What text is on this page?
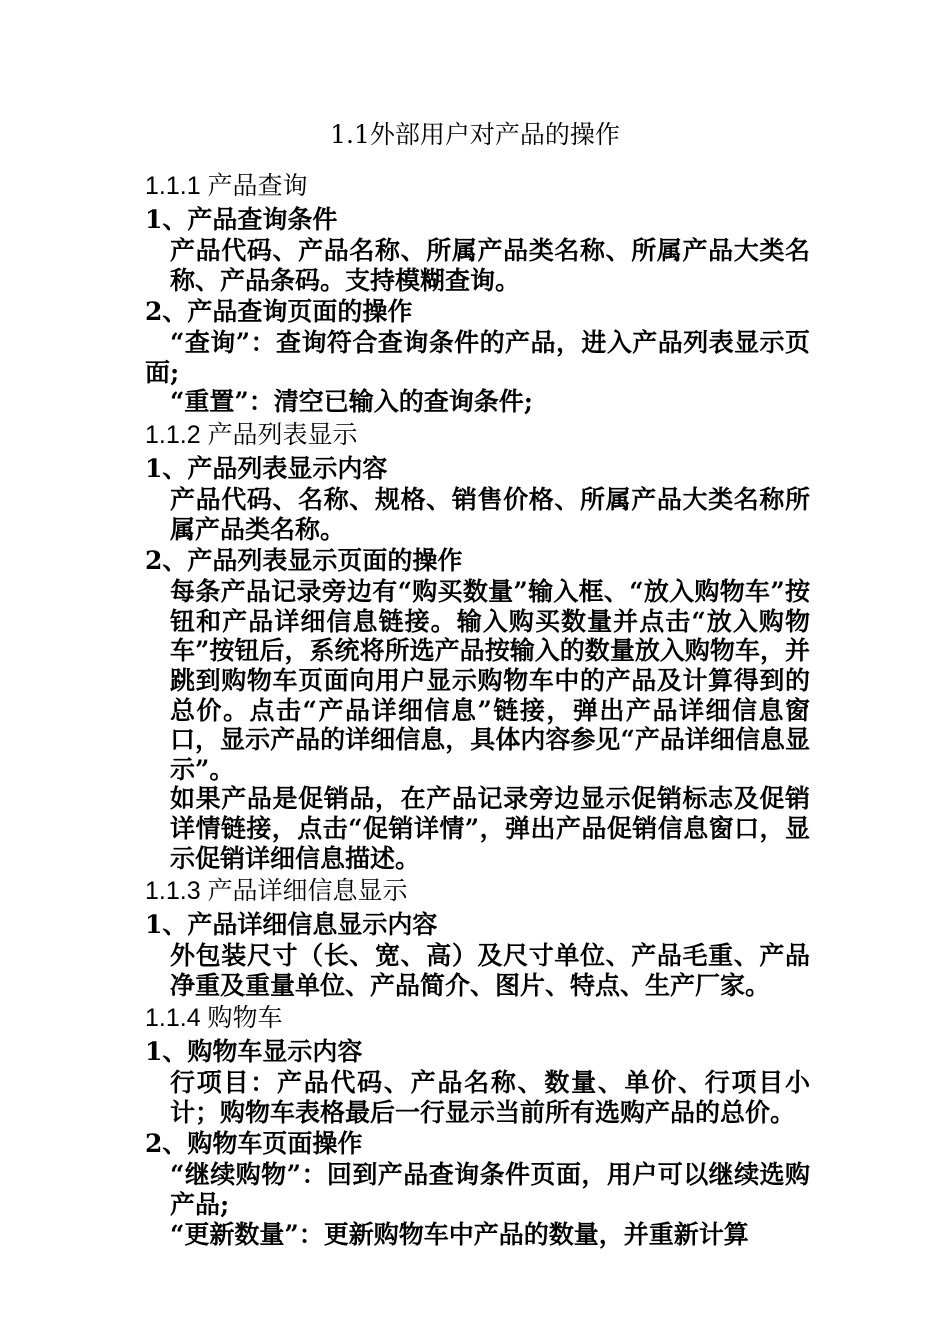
1.1外部用户对产品的操作

1.1.1 产品查询

1、产品查询条件

产品代码、产品名称、所属产品类名称、所属产品大类名称、产品条码。支持模糊查询。

2、产品查询页面的操作

“查询”：查询符合查询条件的产品，进入产品列表显示页面;

“重置”：清空已输入的查询条件;

1.1.2 产品列表显示

1、产品列表显示内容

产品代码、名称、规格、销售价格、所属产品大类名称所属产品类名称。

2、产品列表显示页面的操作

每条产品记录旁边有“购买数量”输入框、“放入购物车”按钮和产品详细信息链接。输入购买数量并点击“放入购物车”按钮后，系统将所选产品按输入的数量放入购物车，并跳到购物车页面向用户显示购物车中的产品及计算得到的总价。点击“产品详细信息”链接，弹出产品详细信息窗口，显示产品的详细信息，具体内容参见“产品详细信息显示”。

如果产品是促销品，在产品记录旁边显示促销标志及促销详情链接，点击“促销详情”，弹出产品促销信息窗口，显示促销详细信息描述。

1.1.3 产品详细信息显示

1、产品详细信息显示内容

外包装尺寸（长、宽、高）及尺寸单位、产品毛重、产品净重及重量单位、产品简介、图片、特点、生产厂家。

1.1.4 购物车

1、购物车显示内容

行项目：产品代码、产品名称、数量、单价、行项目小计；购物车表格最后一行显示当前所有选购产品的总价。

2、购物车页面操作

“继续购物”：回到产品查询条件页面，用户可以继续选购产品;

“更新数量”：更新购物车中产品的数量，并重新计算
